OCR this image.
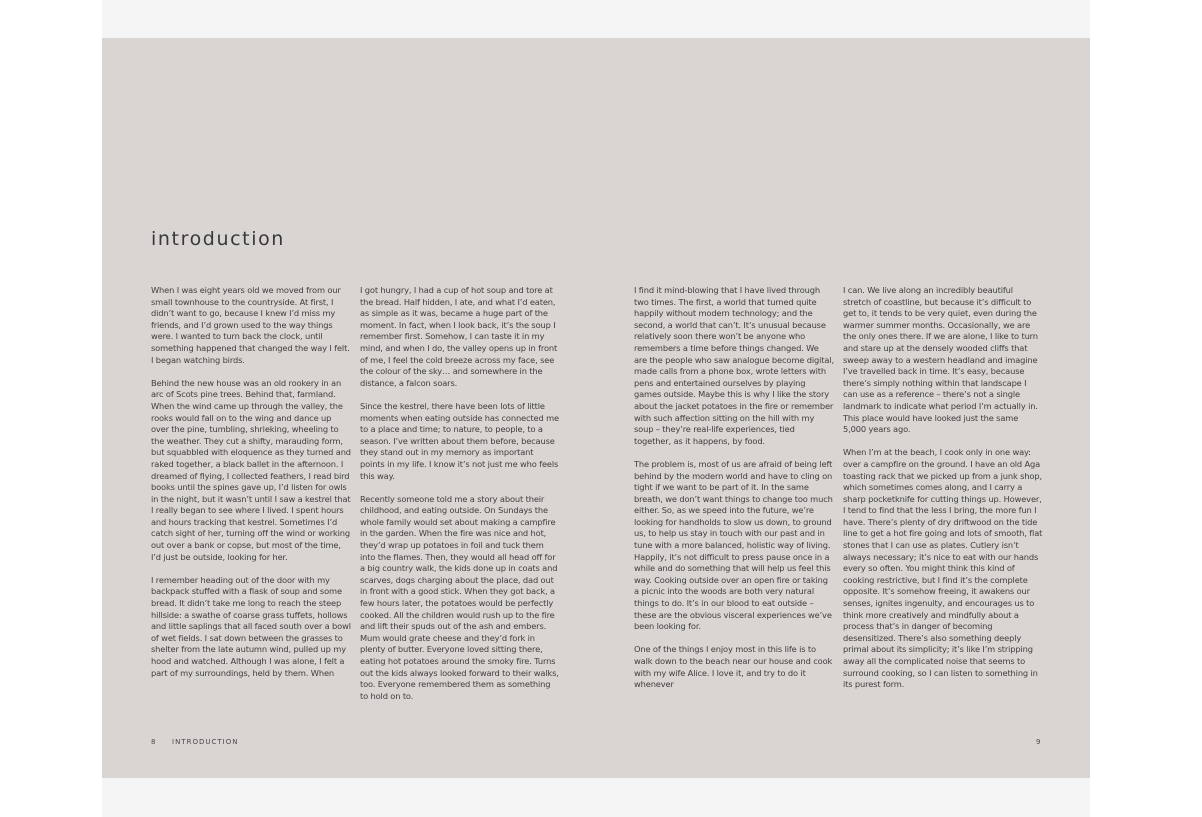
introduction

When I was eight years old we moved from our small townhouse to the countryside. At first, I didn’t want to go, because I knew I’d miss my friends, and I’d grown used to the way things were. I wanted to turn back the clock, until something happened that changed the way I felt. I began watching birds.

Behind the new house was an old rookery in an arc of Scots pine trees. Behind that, farmland. When the wind came up through the valley, the rooks would fall on to the wing and dance up over the pine, tumbling, shrieking, wheeling to the weather. They cut a shifty, marauding form, but squabbled with eloquence as they turned and raked together, a black ballet in the afternoon. I dreamed of flying, I collected feathers, I read bird books until the spines gave up, I’d listen for owls in the night, but it wasn’t until I saw a kestrel that I really began to see where I lived. I spent hours and hours tracking that kestrel. Sometimes I’d catch sight of her, turning off the wind or working out over a bank or copse, but most of the time, I’d just be outside, looking for her.

I remember heading out of the door with my backpack stuffed with a flask of soup and some bread. It didn’t take me long to reach the steep hillside: a swathe of coarse grass tuffets, hollows and little saplings that all faced south over a bowl of wet fields. I sat down between the grasses to shelter from the late autumn wind, pulled up my hood and watched. Although I was alone, I felt a part of my surroundings, held by them. When

I got hungry, I had a cup of hot soup and tore at the bread. Half hidden, I ate, and what I’d eaten, as simple as it was, became a huge part of the moment. In fact, when I look back, it’s the soup I remember first. Somehow, I can taste it in my mind, and when I do, the valley opens up in front of me, I feel the cold breeze across my face, see the colour of the sky… and somewhere in the distance, a falcon soars.

Since the kestrel, there have been lots of little moments when eating outside has connected me to a place and time; to nature, to people, to a season. I’ve written about them before, because they stand out in my memory as important points in my life. I know it’s not just me who feels this way.

Recently someone told me a story about their childhood, and eating outside. On Sundays the whole family would set about making a campfire in the garden. When the fire was nice and hot, they’d wrap up potatoes in foil and tuck them into the flames. Then, they would all head off for a big country walk, the kids done up in coats and scarves, dogs charging about the place, dad out in front with a good stick. When they got back, a few hours later, the potatoes would be perfectly cooked. All the children would rush up to the fire and lift their spuds out of the ash and embers. Mum would grate cheese and they’d fork in plenty of butter. Everyone loved sitting there, eating hot potatoes around the smoky fire. Turns out the kids always looked forward to their walks, too. Everyone remembered them as something to hold on to.

I find it mind-blowing that I have lived through two times. The first, a world that turned quite happily without modern technology; and the second, a world that can’t. It’s unusual because relatively soon there won’t be anyone who remembers a time before things changed. We are the people who saw analogue become digital, made calls from a phone box, wrote letters with pens and entertained ourselves by playing games outside. Maybe this is why I like the story about the jacket potatoes in the fire or remember with such affection sitting on the hill with my soup – they’re real-life experiences, tied together, as it happens, by food.

The problem is, most of us are afraid of being left behind by the modern world and have to cling on tight if we want to be part of it. In the same breath, we don’t want things to change too much either. So, as we speed into the future, we’re looking for handholds to slow us down, to ground us, to help us stay in touch with our past and in tune with a more balanced, holistic way of living. Happily, it’s not difficult to press pause once in a while and do something that will help us feel this way. Cooking outside over an open fire or taking a picnic into the woods are both very natural things to do. It’s in our blood to eat outside – these are the obvious visceral experiences we’ve been looking for.

One of the things I enjoy most in this life is to walk down to the beach near our house and cook with my wife Alice. I love it, and try to do it whenever

I can. We live along an incredibly beautiful stretch of coastline, but because it’s difficult to get to, it tends to be very quiet, even during the warmer summer months. Occasionally, we are the only ones there. If we are alone, I like to turn and stare up at the densely wooded cliffs that sweep away to a western headland and imagine I’ve travelled back in time. It’s easy, because there’s simply nothing within that landscape I can use as a reference – there’s not a single landmark to indicate what period I’m actually in. This place would have looked just the same 5,000 years ago.

When I’m at the beach, I cook only in one way: over a campfire on the ground. I have an old Aga toasting rack that we picked up from a junk shop, which sometimes comes along, and I carry a sharp pocketknife for cutting things up. However, I tend to find that the less I bring, the more fun I have. There’s plenty of dry driftwood on the tide line to get a hot fire going and lots of smooth, flat stones that I can use as plates. Cutlery isn’t always necessary; it’s nice to eat with our hands every so often. You might think this kind of cooking restrictive, but I find it’s the complete opposite. It’s somehow freeing, it awakens our senses, ignites ingenuity, and encourages us to think more creatively and mindfully about a process that’s in danger of becoming desensitized. There’s also something deeply primal about its simplicity; it’s like I’m stripping away all the complicated noise that seems to surround cooking, so I can listen to something in its purest form.

8 INTRODUCTION	9
